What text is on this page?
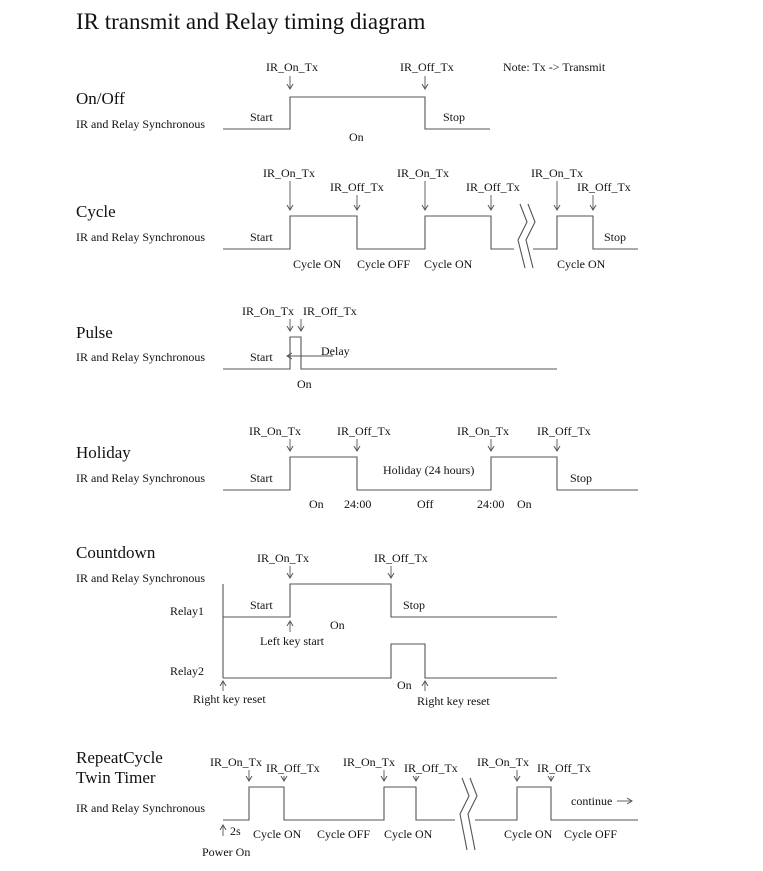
IR transmit and Relay timing diagram
Note: Tx -> Transmit
On/Off
IR and Relay Synchronous
IR_On_Tx	IR_Off_Tx
Start
On
Stop
Cycle
IR and Relay Synchronous
IR_On_Tx
IR_Off_Tx
IR_On_Tx
IR_Off_Tx
IR_On_Tx
IR_Off_Tx
Start
Cycle ON Cycle OFF Cycle ON	Cycle ON
Stop
Pulse
IR and Relay Synchronous
IR_On_Tx IR_Off_Tx
Start	Delay
On
Holiday
IR and Relay Synchronous
IR_On_Tx	IR_Off_Tx	IR_On_Tx IR_Off_Tx
Start
Holiday (24 hours)
Stop
On 24:00	Off	24:00 On
Countdown
IR and Relay Synchronous
IR_On_Tx	IR_Off_Tx
Relay1
Relay2
Start	Stop
On
Left key start
Right key reset
On
Right key reset
RepeatCycle
Twin Timer
IR and Relay Synchronous
IR_On_Tx IR_Off_Tx IR_On_Tx IR_Off_Tx IR_On_Tx IR_Off_Tx
continue
2s
Power On
Cycle ON Cycle OFF Cycle ON	Cycle ON Cycle OFF
